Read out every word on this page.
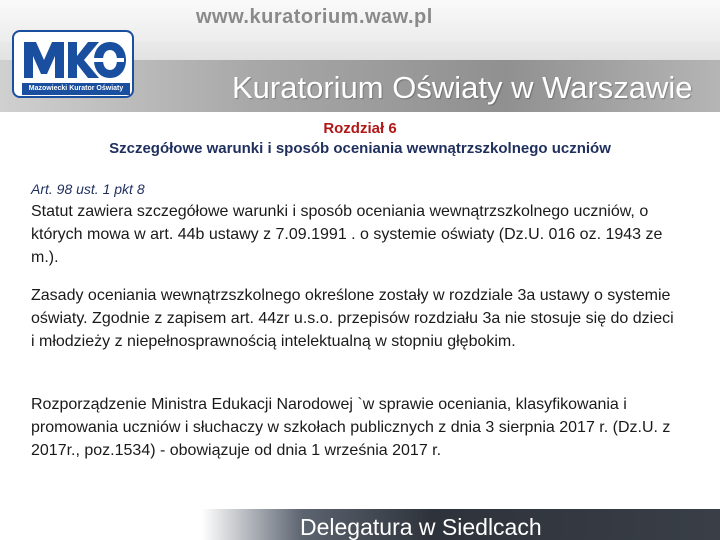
www.kuratorium.waw.pl
Kuratorium Oświaty w Warszawie
Mazowiecki Kurator Oświaty
Rozdział 6
Szczegółowe warunki i sposób oceniania wewnątrzszkolnego uczniów
Art. 98 ust. 1 pkt 8
Statut zawiera szczegółowe warunki i sposób oceniania wewnątrzszkolnego uczniów, o których mowa w art. 44b ustawy z 7.09.1991 . o systemie oświaty (Dz.U. 016 oz. 1943 ze m.).
Zasady oceniania wewnątrzszkolnego określone zostały w rozdziale 3a ustawy o systemie oświaty. Zgodnie z zapisem art. 44zr u.s.o. przepisów rozdziału 3a nie stosuje się do dzieci i młodzieży z niepełnosprawnością intelektualną w stopniu głębokim.
Rozporządzenie Ministra Edukacji Narodowej `w sprawie oceniania, klasyfikowania i promowania uczniów i słuchaczy w szkołach publicznych z dnia 3 sierpnia 2017 r. (Dz.U. z 2017r., poz.1534) - obowiązuje od dnia 1 września 2017 r.
Delegatura w Siedlcach
